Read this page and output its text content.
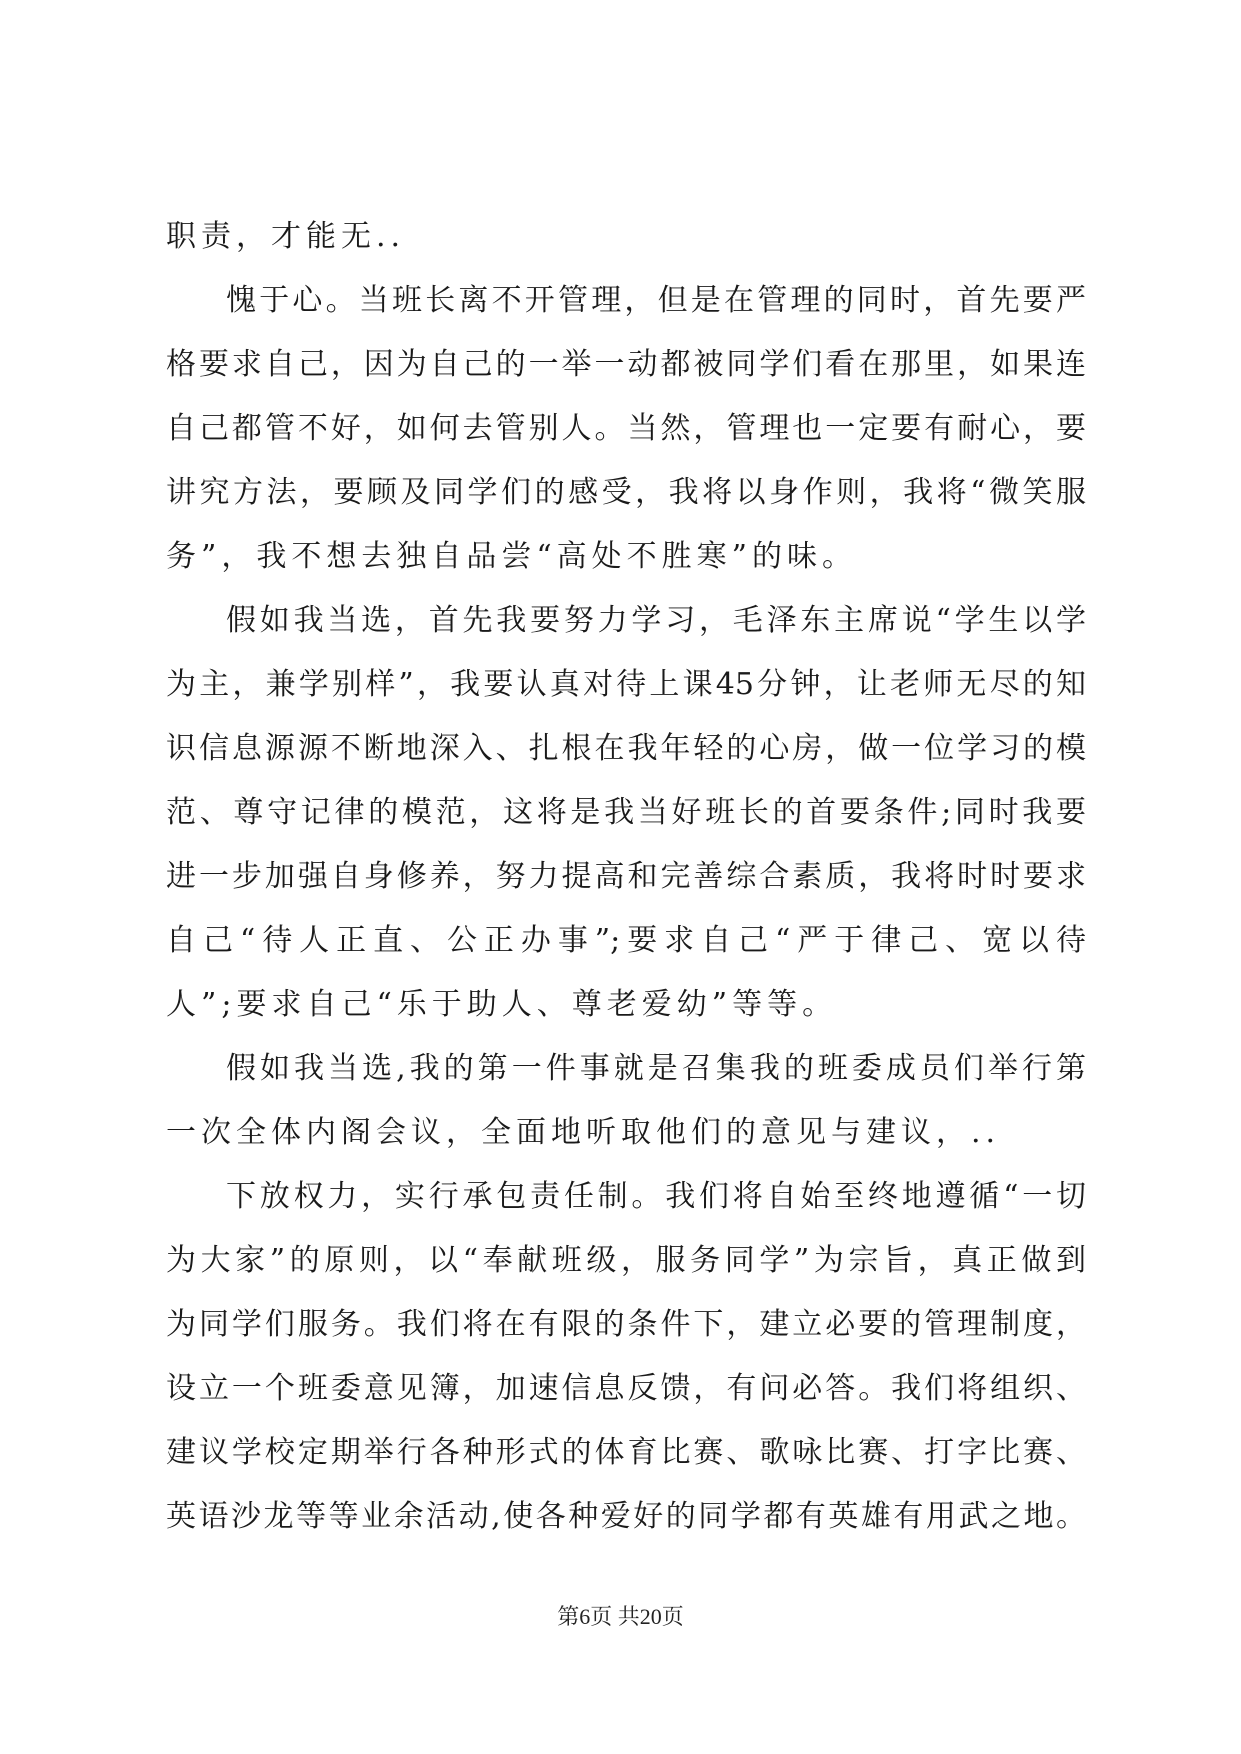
职责，才能无..
愧于心。当班长离不开管理，但是在管理的同时，首先要严
格要求自己，因为自己的一举一动都被同学们看在那里，如果连
自己都管不好，如何去管别人。当然，管理也一定要有耐心，要
讲究方法，要顾及同学们的感受，我将以身作则，我将“微笑服
务”，我不想去独自品尝“高处不胜寒”的味。
假如我当选，首先我要努力学习，毛泽东主席说“学生以学
为主，兼学别样”，我要认真对待上课45分钟，让老师无尽的知
识信息源源不断地深入、扎根在我年轻的心房，做一位学习的模
范、尊守记律的模范，这将是我当好班长的首要条件;同时我要
进一步加强自身修养，努力提高和完善综合素质，我将时时要求
自己“待人正直、公正办事”;要求自己“严于律己、宽以待
人”;要求自己“乐于助人、尊老爱幼”等等。
假如我当选,我的第一件事就是召集我的班委成员们举行第
一次全体内阁会议，全面地听取他们的意见与建议，..
下放权力，实行承包责任制。我们将自始至终地遵循“一切
为大家”的原则，以“奉献班级，服务同学”为宗旨，真正做到
为同学们服务。我们将在有限的条件下，建立必要的管理制度，
设立一个班委意见簿，加速信息反馈，有问必答。我们将组织、
建议学校定期举行各种形式的体育比赛、歌咏比赛、打字比赛、
英语沙龙等等业余活动,使各种爱好的同学都有英雄有用武之地。
第6页 共20页
